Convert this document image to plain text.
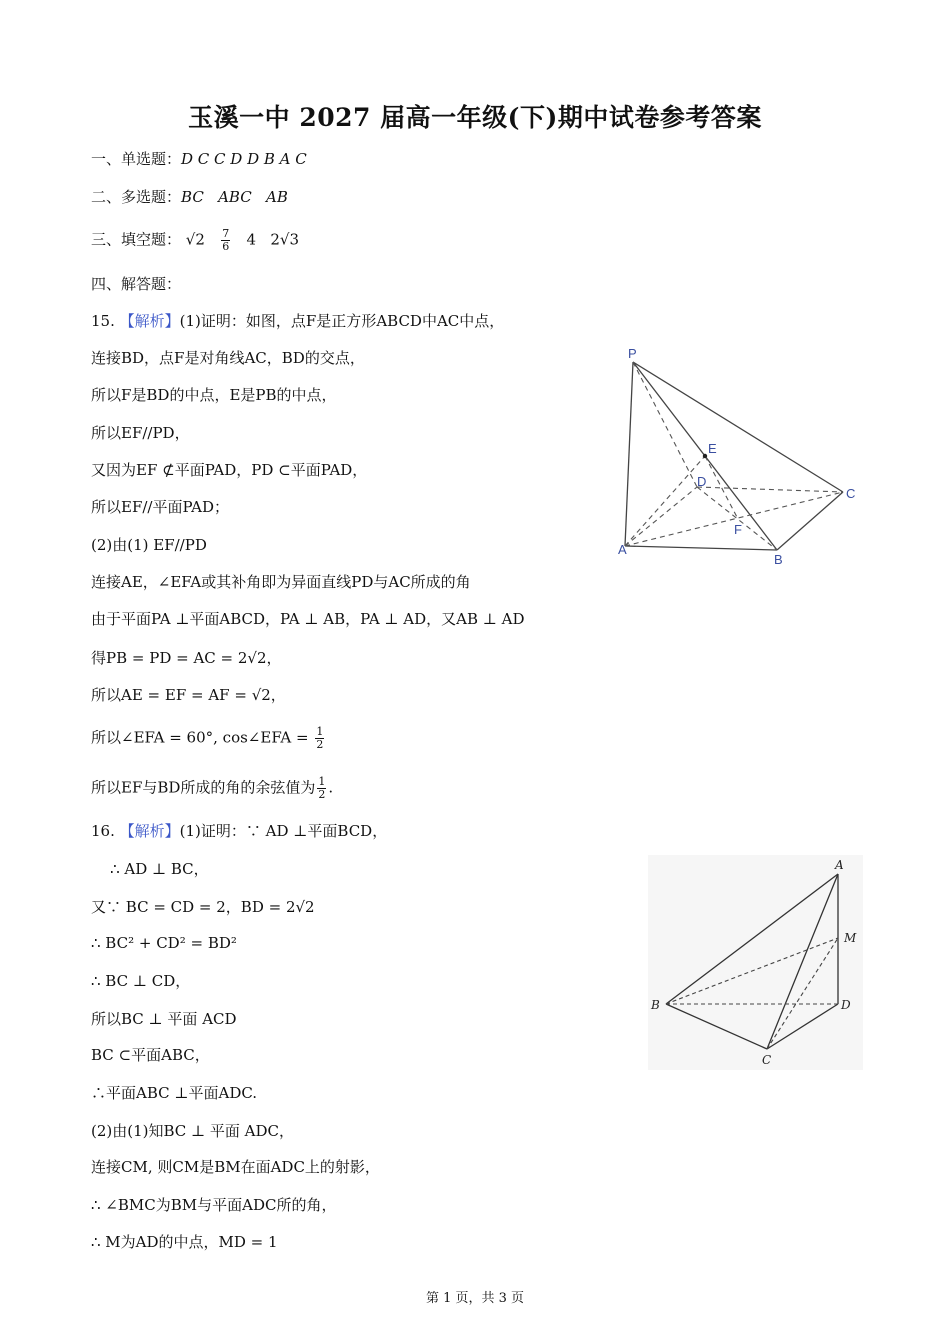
玉溪一中 2027 届高一年级(下)期中试卷参考答案
一、单选题：D C C D D B A C
二、多选题：BC   ABC   AB
三、填空题： $√2 \frac{7}{6} 4$ 2√3
四、解答题：
15. 【解析】(1)证明：如图，点F是正方形ABCD中AC中点，
连接BD，点F是对角线AC，BD的交点，
所以F是BD的中点，E是PB的中点，
所以EF//PD，
又因为EF ⊄平面PAD，PD ⊂平面PAD，
所以EF//平面PAD；
(2)由(1) EF//PD
连接AE，∠EFA或其补角即为异面直线PD与AC所成的角
由于平面PA ⊥平面ABCD，PA ⊥ AB，PA ⊥ AD，又AB ⊥ AD
得PB = PD = AC = 2√2，
所以AE = EF = AF = √2，
所以∠EFA = 60°, cos∠EFA = $\frac{1}{2}$
所以EF与BD所成的角的余弦值为 $\frac{1}{2}$ .
P
E
D
C
F
A
B
16. 【解析】(1)证明：∵ AD ⊥平面BCD，
∴ AD ⊥ BC，
又∵ BC = CD = 2，BD = 2√2
∴ BC² + CD² = BD²
∴ BC ⊥ CD，
所以BC ⊥ 平面 ACD
BC ⊂平面ABC，
∴平面ABC ⊥平面ADC.
(2)由(1)知BC ⊥ 平面 ADC，
连接CM, 则CM是BM在面ADC上的射影，
∴ ∠BMC为BM与平面ADC所的角，
∴ M为AD的中点，MD = 1
A
M
B	D
C
第 1 页，共 3 页
